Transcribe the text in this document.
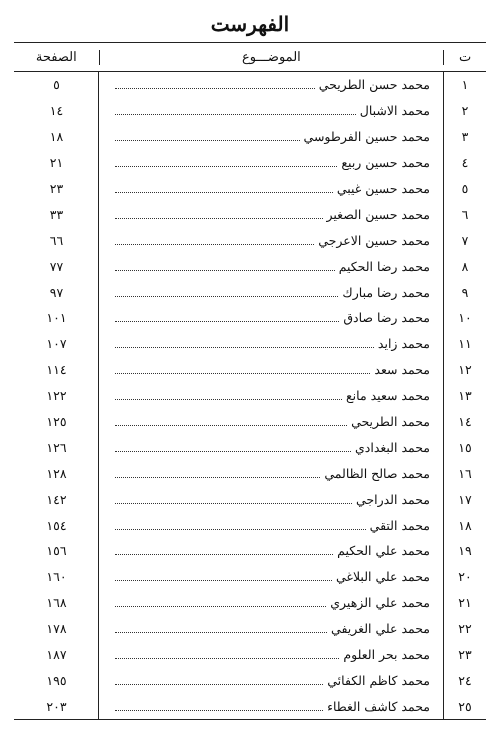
الفهرست
ت
الموضـــوع
الصفحة
١
محمد حسن الطريحي
٥
٢
محمد الاشبال
١٤
٣
محمد حسين الفرطوسي
١٨
٤
محمد حسين ربيع
٢١
٥
محمد حسين غيبي
٢٣
٦
محمد حسين الصغير
٣٣
٧
محمد حسين الاعرجي
٦٦
٨
محمد رضا الحكيم
٧٧
٩
محمد رضا مبارك
٩٧
١٠
محمد رضا صادق
١٠١
١١
محمد زايد
١٠٧
١٢
محمد سعد
١١٤
١٣
محمد سعيد مانع
١٢٢
١٤
محمد الطريحي
١٢٥
١٥
محمد البغدادي
١٢٦
١٦
محمد صالح الظالمي
١٢٨
١٧
محمد الدراجي
١٤٢
١٨
محمد التقي
١٥٤
١٩
محمد علي الحكيم
١٥٦
٢٠
محمد علي البلاغي
١٦٠
٢١
محمد علي الزهيري
١٦٨
٢٢
محمد علي الغريفي
١٧٨
٢٣
محمد بحر العلوم
١٨٧
٢٤
محمد كاظم الكفائي
١٩٥
٢٥
محمد كاشف الغطاء
٢٠٣
